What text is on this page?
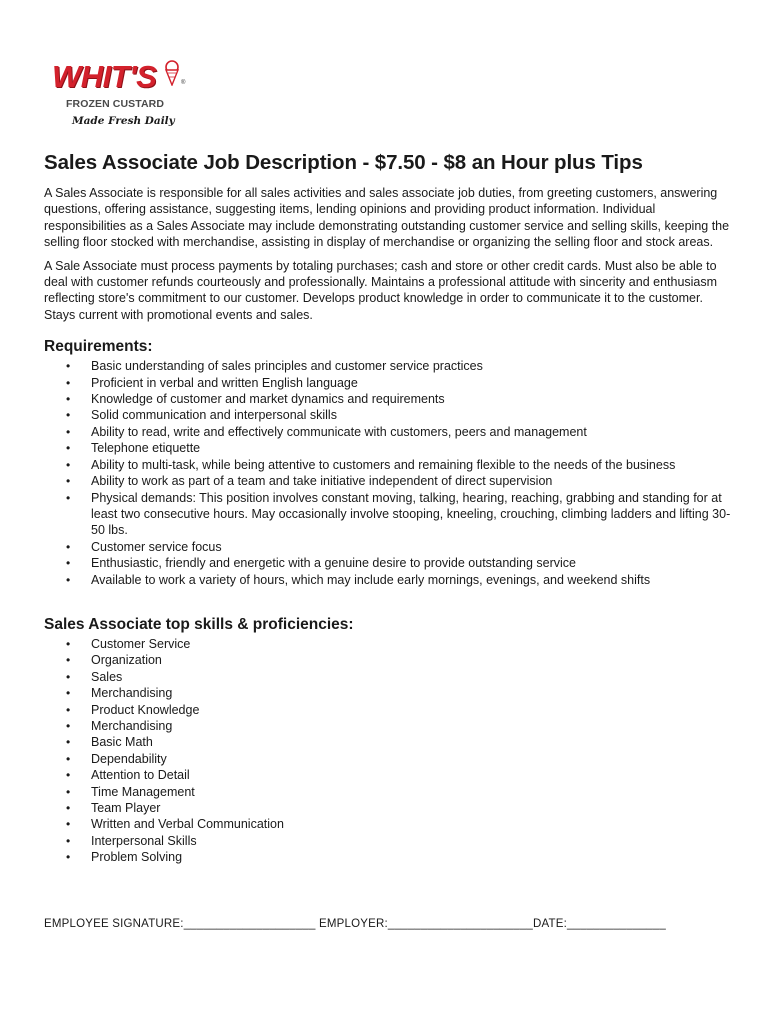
WHIT'S	®
FROZEN CUSTARD
Made Fresh Daily
Sales Associate Job Description - $7.50 - $8 an Hour plus Tips

A Sales Associate is responsible for all sales activities and sales associate job duties, from greeting customers, answering questions, offering assistance, suggesting items, lending opinions and providing product information. Individual responsibilities as a Sales Associate may include demonstrating outstanding customer service and selling skills, keeping the selling floor stocked with merchandise, assisting in display of merchandise or organizing the selling floor and stock areas.

A Sale Associate must process payments by totaling purchases; cash and store or other credit cards. Must also be able to deal with customer refunds courteously and professionally. Maintains a professional attitude with sincerity and enthusiasm reflecting store's commitment to our customer. Develops product knowledge in order to communicate it to the customer. Stays current with promotional events and sales.

Requirements:
• Basic understanding of sales principles and customer service practices
• Proficient in verbal and written English language
• Knowledge of customer and market dynamics and requirements
• Solid communication and interpersonal skills
• Ability to read, write and effectively communicate with customers, peers and management
• Telephone etiquette
• Ability to multi-task, while being attentive to customers and remaining flexible to the needs of the business
• Ability to work as part of a team and take initiative independent of direct supervision
• Physical demands: This position involves constant moving, talking, hearing, reaching, grabbing and standing for at least two consecutive hours. May occasionally involve stooping, kneeling, crouching, climbing ladders and lifting 30-50 lbs.
• Customer service focus
• Enthusiastic, friendly and energetic with a genuine desire to provide outstanding service
• Available to work a variety of hours, which may include early mornings, evenings, and weekend shifts
Sales Associate top skills & proficiencies:
• Customer Service
• Organization
• Sales
• Merchandising
• Product Knowledge
• Merchandising
• Basic Math
• Dependability
• Attention to Detail
• Time Management
• Team Player
• Written and Verbal Communication
• Interpersonal Skills
• Problem Solving
EMPLOYEE SIGNATURE:____________________ EMPLOYER:______________________DATE:_______________
